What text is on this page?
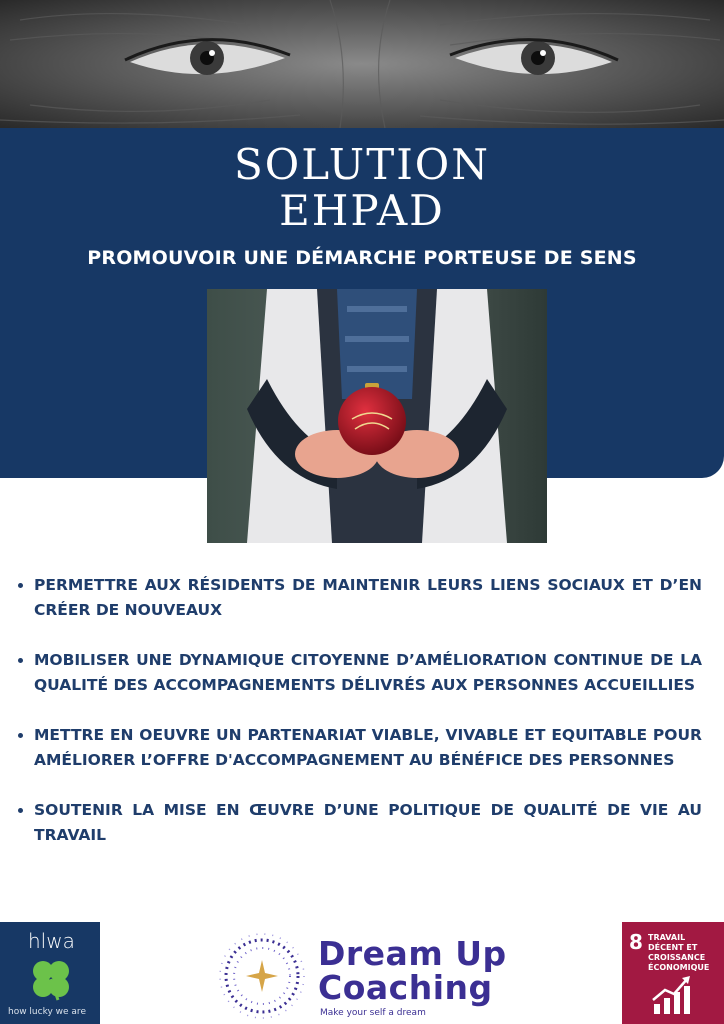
SOLUTION
EHPAD
PROMOUVOIR UNE DÉMARCHE PORTEUSE DE SENS
PERMETTRE AUX RÉSIDENTS DE MAINTENIR LEURS LIENS SOCIAUX ET D’EN CRÉER DE NOUVEAUX
MOBILISER UNE DYNAMIQUE CITOYENNE D’AMÉLIORATION CONTINUE DE LA QUALITÉ DES ACCOMPAGNEMENTS DÉLIVRÉS AUX PERSONNES ACCUEILLIES
METTRE EN OEUVRE UN PARTENARIAT VIABLE, VIVABLE ET EQUITABLE POUR AMÉLIORER L’OFFRE D'ACCOMPAGNEMENT AU BÉNÉFICE DES PERSONNES
SOUTENIR LA MISE EN ŒUVRE D’UNE POLITIQUE DE QUALITÉ DE VIE AU TRAVAIL
hlwa
how lucky we are
Dream Up
Coaching
Make your self a dream
8 TRAVAIL DÉCENT ET CROISSANCE ÉCONOMIQUE
